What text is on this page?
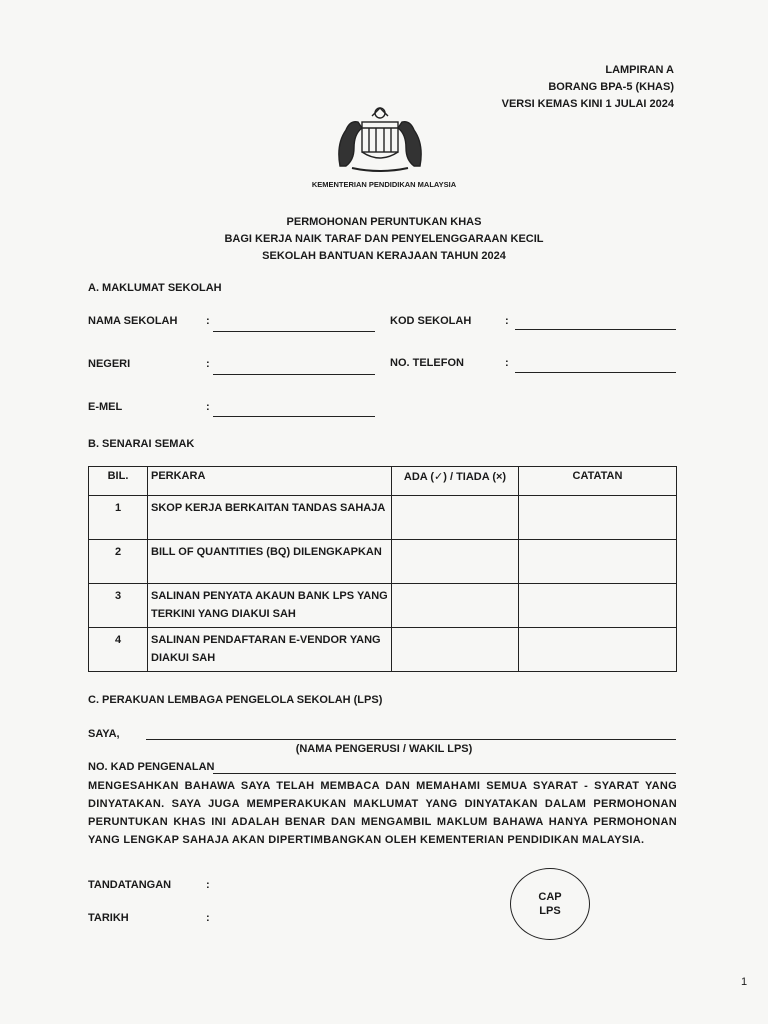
LAMPIRAN A
BORANG BPA-5 (KHAS)
VERSI KEMAS KINI 1 JULAI 2024
KEMENTERIAN PENDIDIKAN MALAYSIA
PERMOHONAN PERUNTUKAN KHAS
BAGI KERJA NAIK TARAF DAN PENYELENGGARAAN KECIL
SEKOLAH BANTUAN KERAJAAN TAHUN 2024
A. MAKLUMAT SEKOLAH
NAMA SEKOLAH	:	KOD SEKOLAH	:
NEGERI	:	NO. TELEFON	:
E-MEL	:
B. SENARAI SEMAK
BIL.	PERKARA	ADA (✓) / TIADA (×)	CATATAN
1	SKOP KERJA BERKAITAN TANDAS SAHAJA		
2	BILL OF QUANTITIES (BQ) DILENGKAPKAN		
3	SALINAN PENYATA AKAUN BANK LPS YANG TERKINI YANG DIAKUI SAH		
4	SALINAN PENDAFTARAN E-VENDOR YANG DIAKUI SAH		
C. PERAKUAN LEMBAGA PENGELOLA SEKOLAH (LPS)
SAYA,
(NAMA PENGERUSI / WAKIL LPS)
NO. KAD PENGENALAN
MENGESAHKAN BAHAWA SAYA TELAH MEMBACA DAN MEMAHAMI SEMUA SYARAT - SYARAT YANG DINYATAKAN. SAYA JUGA MEMPERAKUKAN MAKLUMAT YANG DINYATAKAN DALAM PERMOHONAN PERUNTUKAN KHAS INI ADALAH BENAR DAN MENGAMBIL MAKLUM BAHAWA HANYA PERMOHONAN YANG LENGKAP SAHAJA AKAN DIPERTIMBANGKAN OLEH KEMENTERIAN PENDIDIKAN MALAYSIA.
TANDATANGAN	:
TARIKH	:
CAP
LPS
1
